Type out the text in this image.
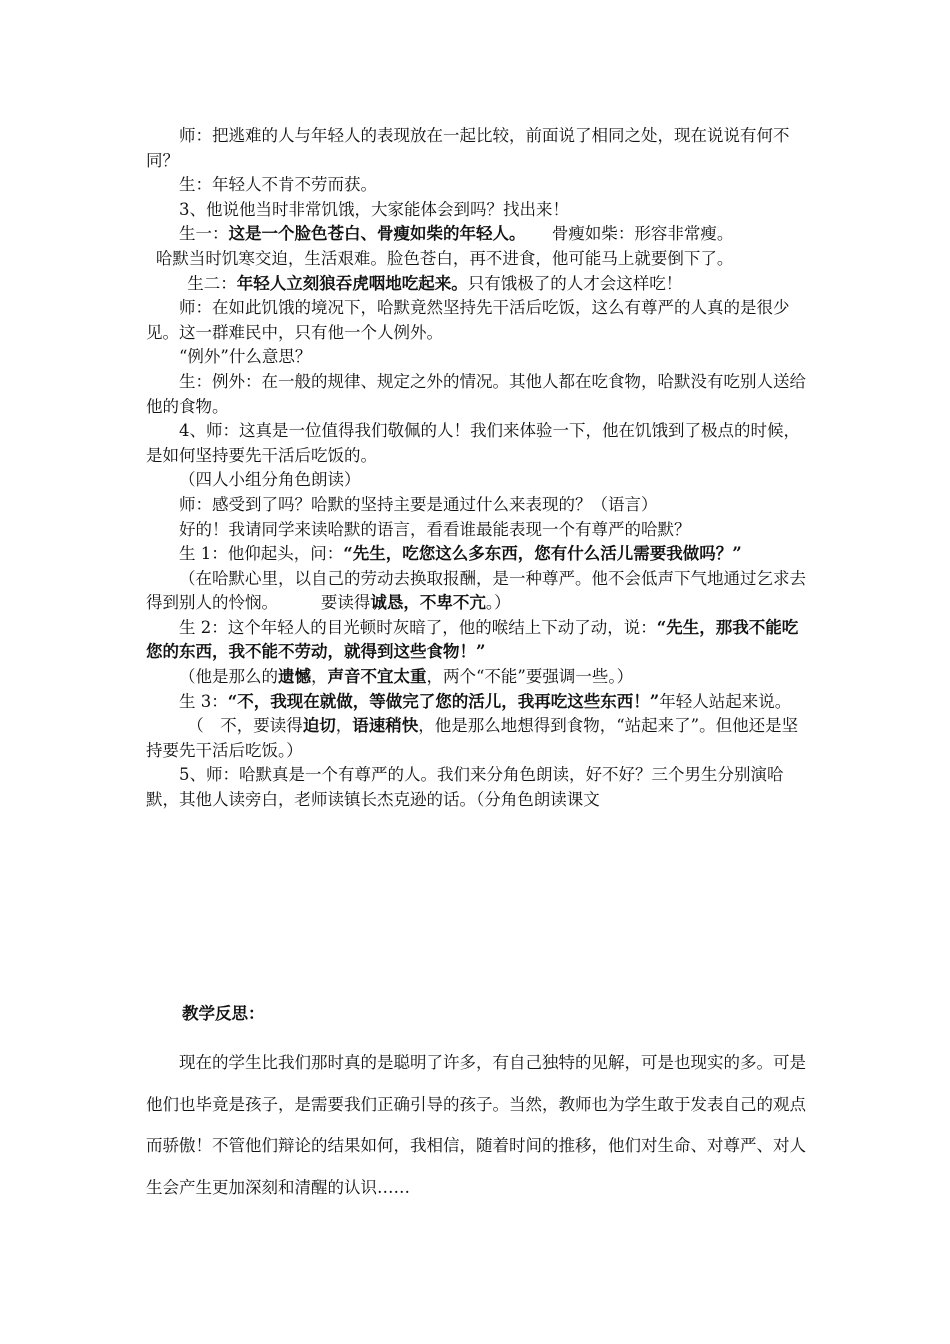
师：把逃难的人与年轻人的表现放在一起比较，前面说了相同之处，现在说说有何不同？

生：年轻人不肯不劳而获。

3、他说他当时非常饥饿，大家能体会到吗？找出来！

生一：这是一个脸色苍白、骨瘦如柴的年轻人。 骨瘦如柴：形容非常瘦。

哈默当时饥寒交迫，生活艰难。脸色苍白，再不进食，他可能马上就要倒下了。

生二：年轻人立刻狼吞虎咽地吃起来。只有饿极了的人才会这样吃！

师：在如此饥饿的境况下，哈默竟然坚持先干活后吃饭，这么有尊严的人真的是很少见。这一群难民中，只有他一个人例外。

“例外”什么意思？

生：例外：在一般的规律、规定之外的情况。其他人都在吃食物，哈默没有吃别人送给他的食物。

4、师：这真是一位值得我们敬佩的人！我们来体验一下，他在饥饿到了极点的时候，是如何坚持要先干活后吃饭的。

（四人小组分角色朗读）

师：感受到了吗？哈默的坚持主要是通过什么来表现的？（语言）

好的！我请同学来读哈默的语言，看看谁最能表现一个有尊严的哈默？

生 1：他仰起头，问：“先生，吃您这么多东西，您有什么活儿需要我做吗？”

（在哈默心里，以自己的劳动去换取报酬，是一种尊严。他不会低声下气地通过乞求去得到别人的怜悯。	要读得诚恳，不卑不亢。）

生 2：这个年轻人的目光顿时灰暗了，他的喉结上下动了动，说：“先生，那我不能吃您的东西，我不能不劳动，就得到这些食物！”

（他是那么的遗憾，声音不宜太重，两个“不能”要强调一些。）

生 3：“不，我现在就做，等做完了您的活儿，我再吃这些东西！”年轻人站起来说。

（　不，要读得迫切，语速稍快，他是那么地想得到食物，“站起来了”。但他还是坚持要先干活后吃饭。）

5、师：哈默真是一个有尊严的人。我们来分角色朗读，好不好？三个男生分别演哈默，其他人读旁白，老师读镇长杰克逊的话。（分角色朗读课文

教学反思：
现在的学生比我们那时真的是聪明了许多，有自己独特的见解，可是也现实的多。可是他们也毕竟是孩子，是需要我们正确引导的孩子。当然，教师也为学生敢于发表自己的观点而骄傲！不管他们辩论的结果如何，我相信，随着时间的推移，他们对生命、对尊严、对人生会产生更加深刻和清醒的认识……
